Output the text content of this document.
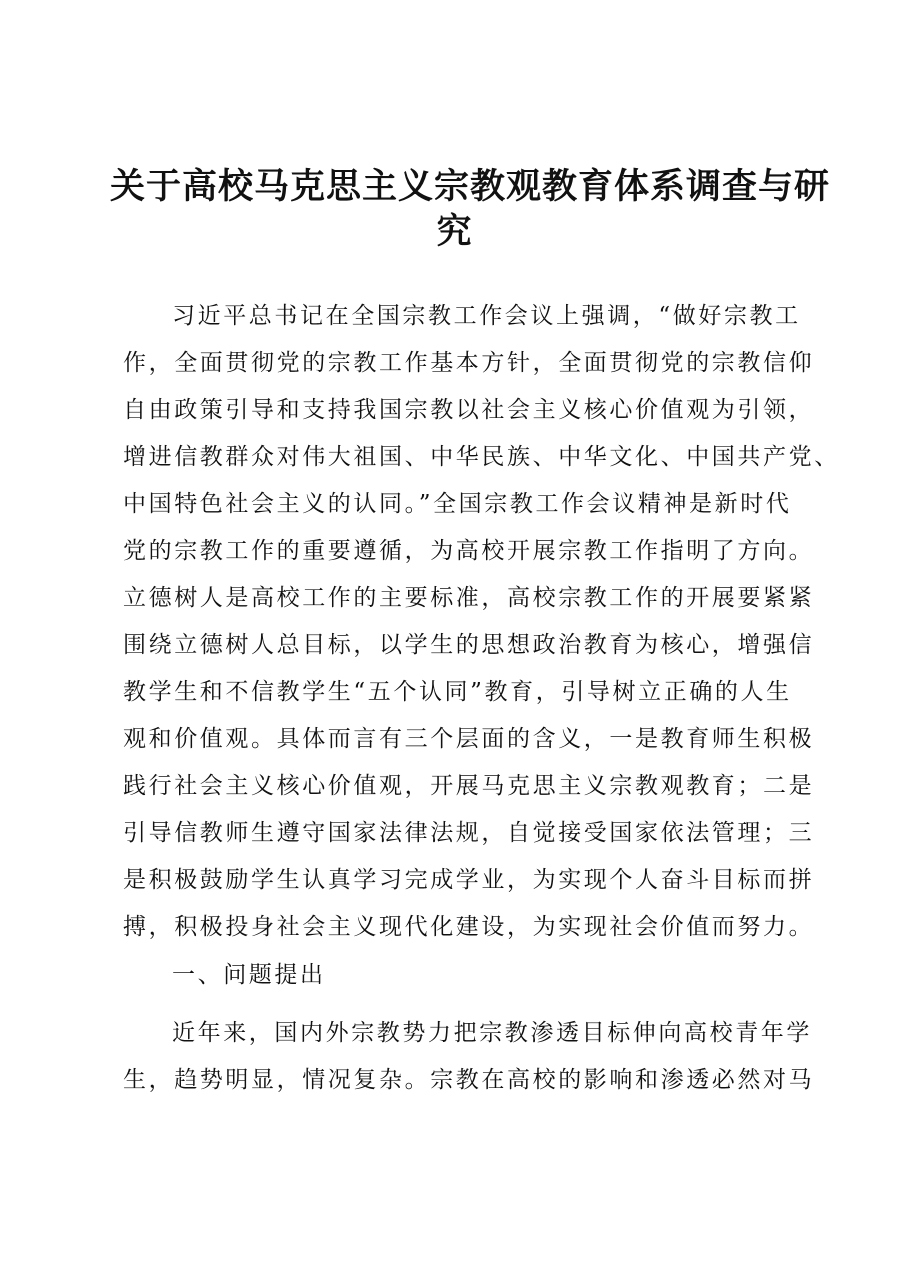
关于高校马克思主义宗教观教育体系调查与研
究
习近平总书记在全国宗教工作会议上强调，“做好宗教工
作，全面贯彻党的宗教工作基本方针，全面贯彻党的宗教信仰
自由政策引导和支持我国宗教以社会主义核心价值观为引领，
增进信教群众对伟大祖国、中华民族、中华文化、中国共产党、
中国特色社会主义的认同。”全国宗教工作会议精神是新时代
党的宗教工作的重要遵循，为高校开展宗教工作指明了方向。
立德树人是高校工作的主要标准，高校宗教工作的开展要紧紧
围绕立德树人总目标，以学生的思想政治教育为核心，增强信
教学生和不信教学生“五个认同”教育，引导树立正确的人生
观和价值观。具体而言有三个层面的含义，一是教育师生积极
践行社会主义核心价值观，开展马克思主义宗教观教育；二是
引导信教师生遵守国家法律法规，自觉接受国家依法管理；三
是积极鼓励学生认真学习完成学业，为实现个人奋斗目标而拼
搏，积极投身社会主义现代化建设，为实现社会价值而努力。
一、问题提出
近年来，国内外宗教势力把宗教渗透目标伸向高校青年学
生，趋势明显，情况复杂。宗教在高校的影响和渗透必然对马
